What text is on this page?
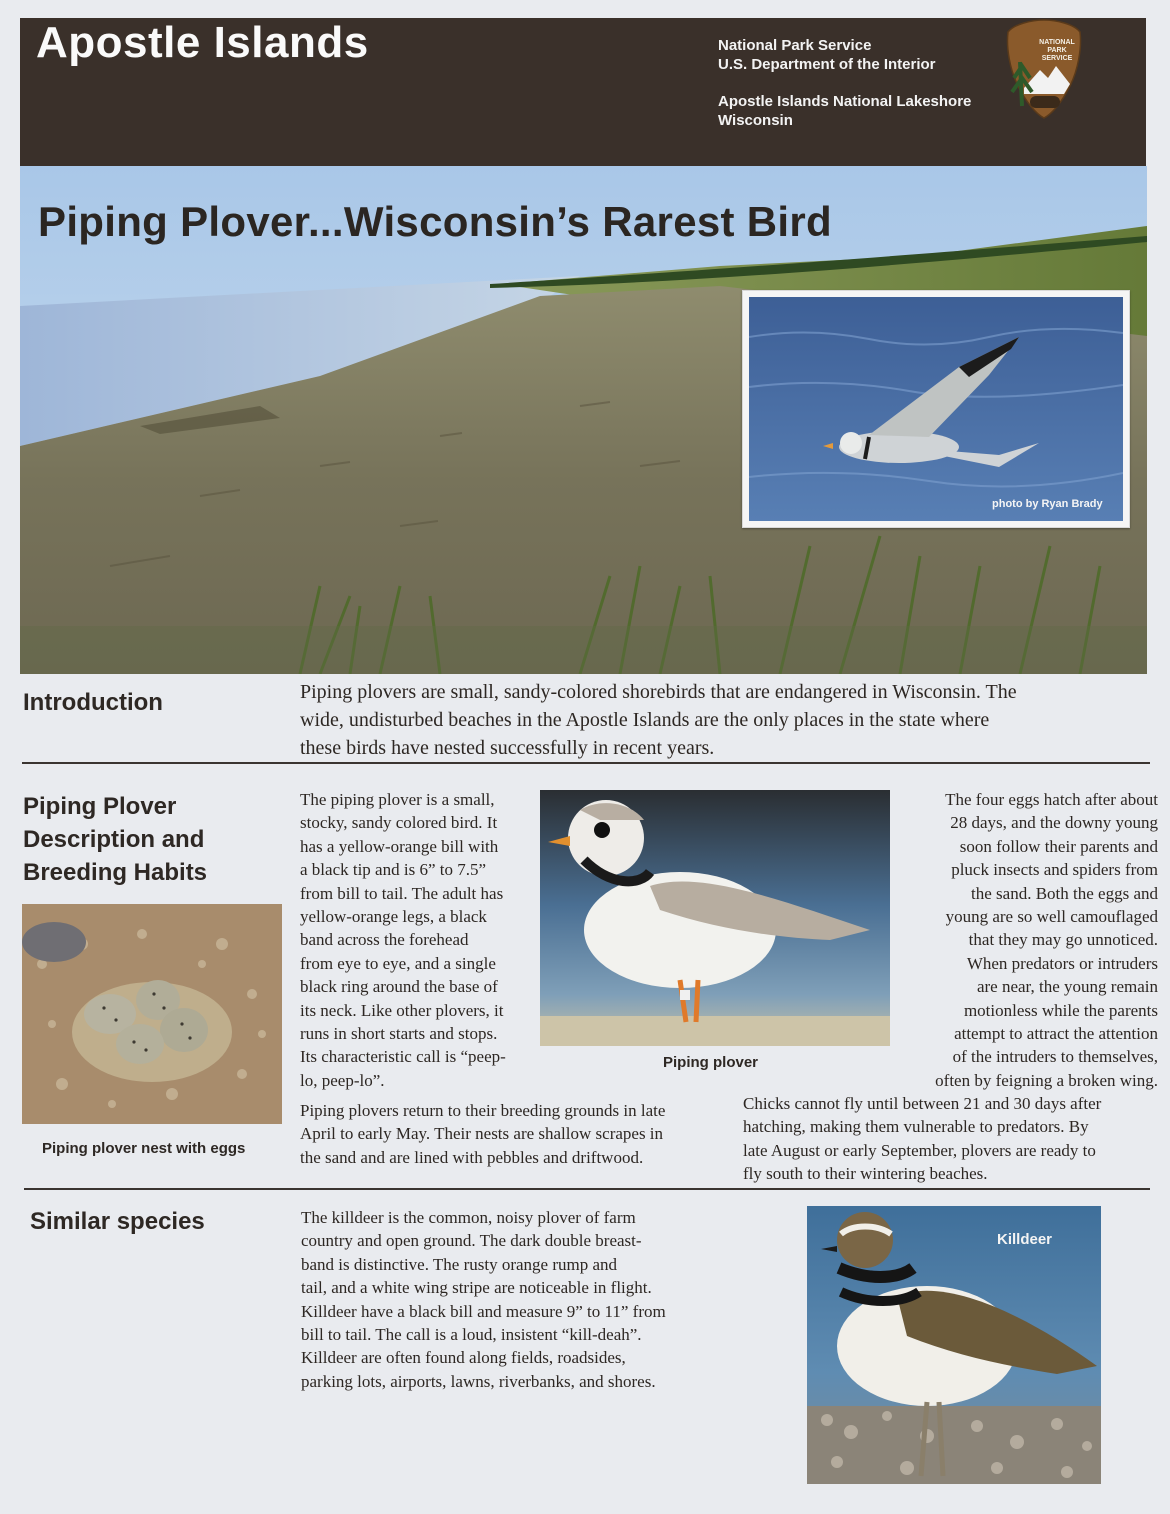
Apostle Islands	National Park Service
U.S. Department of the Interior
Apostle Islands National Lakeshore
Wisconsin
NATIONAL
PARK
SERVICE
Piping Plover...Wisconsin’s Rarest Bird
photo by Ryan Brady
Introduction	Piping plovers are small, sandy-colored shorebirds that are endangered in Wisconsin. The
wide, undisturbed beaches in the Apostle Islands are the only places in the state where
these birds have nested successfully in recent years.
Piping Plover
Description and
Breeding Habits
Piping plover nest with eggs
The piping plover is a small,
stocky, sandy colored bird. It
has a yellow-orange bill with
a black tip and is 6” to 7.5”
from bill to tail. The adult has
yellow-orange legs, a black
band across the forehead
from eye to eye, and a single
black ring around the base of
its neck. Like other plovers, it
runs in short starts and stops.
Its characteristic call is “peep-
lo, peep-lo”.
Piping plovers return to their breeding grounds in late
April to early May. Their nests are shallow scrapes in
the sand and are lined with pebbles and driftwood.
Piping plover
The four eggs hatch after about
28 days, and the downy young
soon follow their parents and
pluck insects and spiders from
the sand. Both the eggs and
young are so well camouflaged
that they may go unnoticed.
When predators or intruders
are near, the young remain
motionless while the parents
attempt to attract the attention
of the intruders to themselves,
often by feigning a broken wing.
Chicks cannot fly until between 21 and 30 days after
hatching, making them vulnerable to predators. By
late August or early September, plovers are ready to
fly south to their wintering beaches.
Similar species	The killdeer is the common, noisy plover of farm
country and open ground. The dark double breast-
band is distinctive. The rusty orange rump and
tail, and a white wing stripe are noticeable in flight.
Killdeer have a black bill and measure 9” to 11” from
bill to tail. The call is a loud, insistent “kill-deah”.
Killdeer are often found along fields, roadsides,
parking lots, airports, lawns, riverbanks, and shores.
Killdeer
